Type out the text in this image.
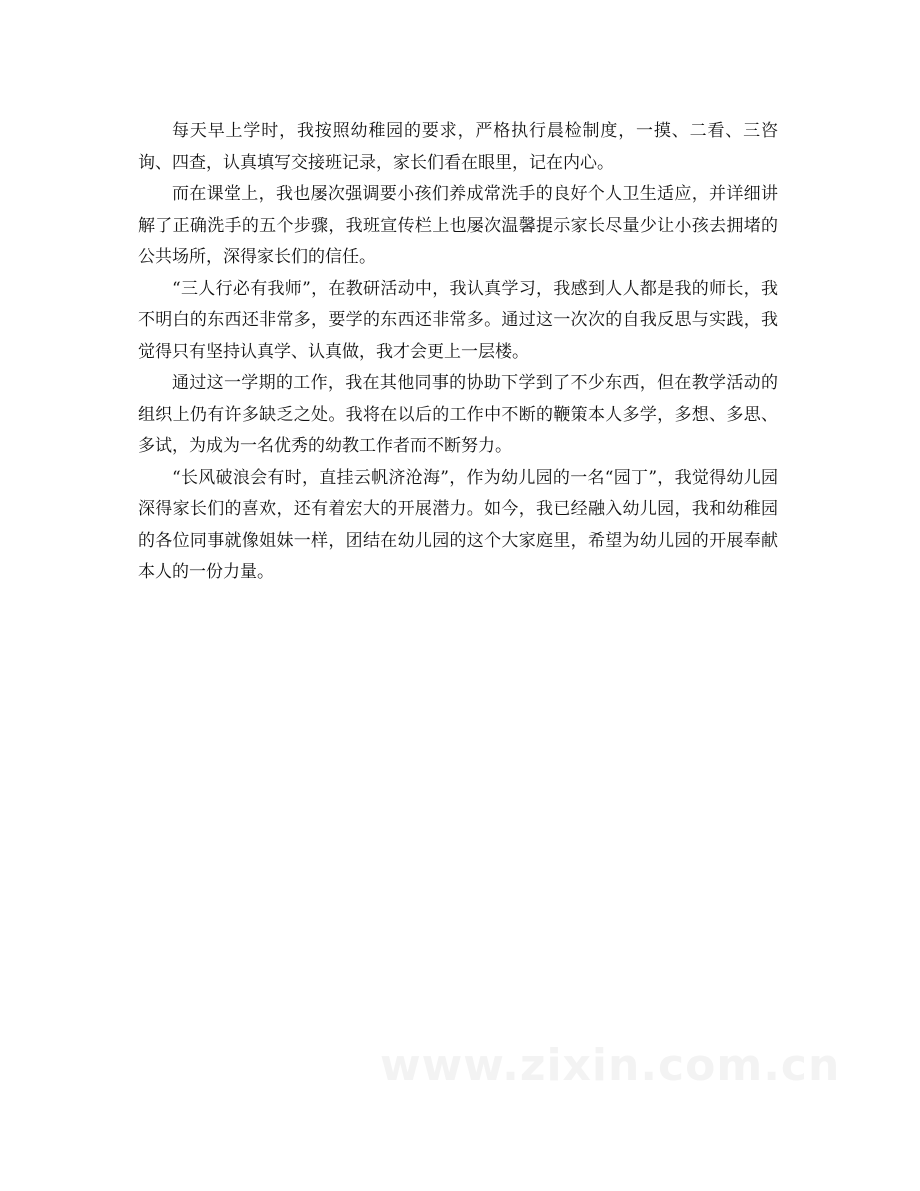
每天早上学时，我按照幼稚园的要求，严格执行晨检制度，一摸、二看、三咨询、四查，认真填写交接班记录，家长们看在眼里，记在内心。

而在课堂上，我也屡次强调要小孩们养成常洗手的良好个人卫生适应，并详细讲解了正确洗手的五个步骤，我班宣传栏上也屡次温馨提示家长尽量少让小孩去拥堵的公共场所，深得家长们的信任。

“三人行必有我师”，在教研活动中，我认真学习，我感到人人都是我的师长，我不明白的东西还非常多，要学的东西还非常多。通过这一次次的自我反思与实践，我觉得只有坚持认真学、认真做，我才会更上一层楼。

通过这一学期的工作，我在其他同事的协助下学到了不少东西，但在教学活动的组织上仍有许多缺乏之处。我将在以后的工作中不断的鞭策本人多学，多想、多思、多试，为成为一名优秀的幼教工作者而不断努力。

“长风破浪会有时，直挂云帆济沧海”，作为幼儿园的一名“园丁”，我觉得幼儿园深得家长们的喜欢，还有着宏大的开展潜力。如今，我已经融入幼儿园，我和幼稚园的各位同事就像姐妹一样，团结在幼儿园的这个大家庭里，希望为幼儿园的开展奉献本人的一份力量。

www.zixin.com.cn
